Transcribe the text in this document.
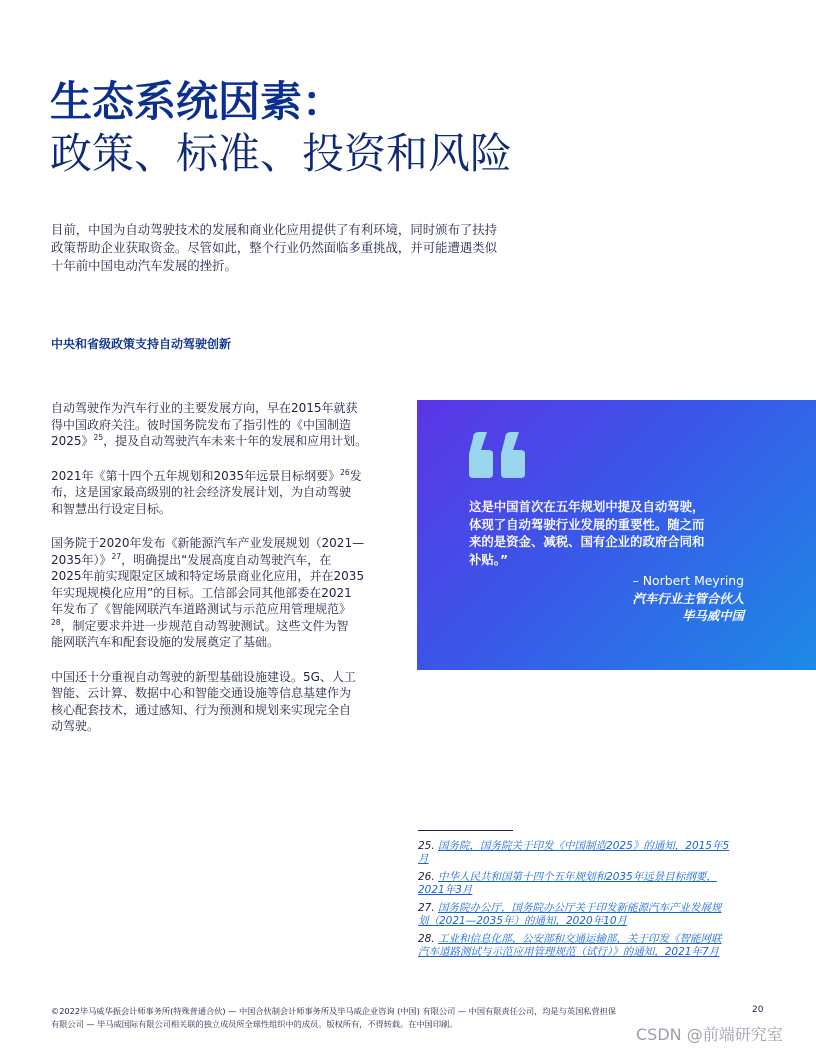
生态系统因素：
政策、标准、投资和风险
目前，中国为自动驾驶技术的发展和商业化应用提供了有利环境，同时颁布了扶持
政策帮助企业获取资金。尽管如此，整个行业仍然面临多重挑战，并可能遭遇类似
十年前中国电动汽车发展的挫折。
中央和省级政策支持自动驾驶创新

自动驾驶作为汽车行业的主要发展方向，早在2015年就获
得中国政府关注。彼时国务院发布了指引性的《中国制造
2025》$^{25}$，提及自动驾驶汽车未来十年的发展和应用计划。

2021年《第十四个五年规划和2035年远景目标纲要》$^{26}$发
布，这是国家最高级别的社会经济发展计划，为自动驾驶
和智慧出行设定目标。

国务院于2020年发布《新能源汽车产业发展规划（2021—
2035年）》$^{27}$，明确提出“发展高度自动驾驶汽车，在
2025年前实现限定区域和特定场景商业化应用，并在2035
年实现规模化应用”的目标。工信部会同其他部委在2021
年发布了《智能网联汽车道路测试与示范应用管理规范》
$^{28}$，制定要求并进一步规范自动驾驶测试。这些文件为智
能网联汽车和配套设施的发展奠定了基础。

中国还十分重视自动驾驶的新型基础设施建设。5G、人工
智能、云计算、数据中心和智能交通设施等信息基建作为
核心配套技术，通过感知、行为预测和规划来实现完全自
动驾驶。

这是中国首次在五年规划中提及自动驾驶，
体现了自动驾驶行业发展的重要性。随之而
来的是资金、减税、国有企业的政府合同和
补贴。”
– Norbert Meyring
汽车行业主管合伙人
毕马威中国

25. 国务院，国务院关于印发《中国制造2025》的通知，2015年5
月

26. 中华人民共和国第十四个五年规划和2035年远景目标纲要，
2021年3月

27. 国务院办公厅，国务院办公厅关于印发新能源汽车产业发展规
划（2021—2035年）的通知，2020年10月

28. 工业和信息化部、公安部和交通运输部，关于印发《智能网联
汽车道路测试与示范应用管理规范（试行）》的通知，2021年7月

©2022毕马威华振会计师事务所(特殊普通合伙) — 中国合伙制会计师事务所及毕马威企业咨询 (中国) 有限公司 — 中国有限责任公司，均是与英国私营担保
有限公司 — 毕马威国际有限公司相关联的独立成员所全球性组织中的成员。版权所有，不得转载。在中国印刷。
20
CSDN @前端研究室
